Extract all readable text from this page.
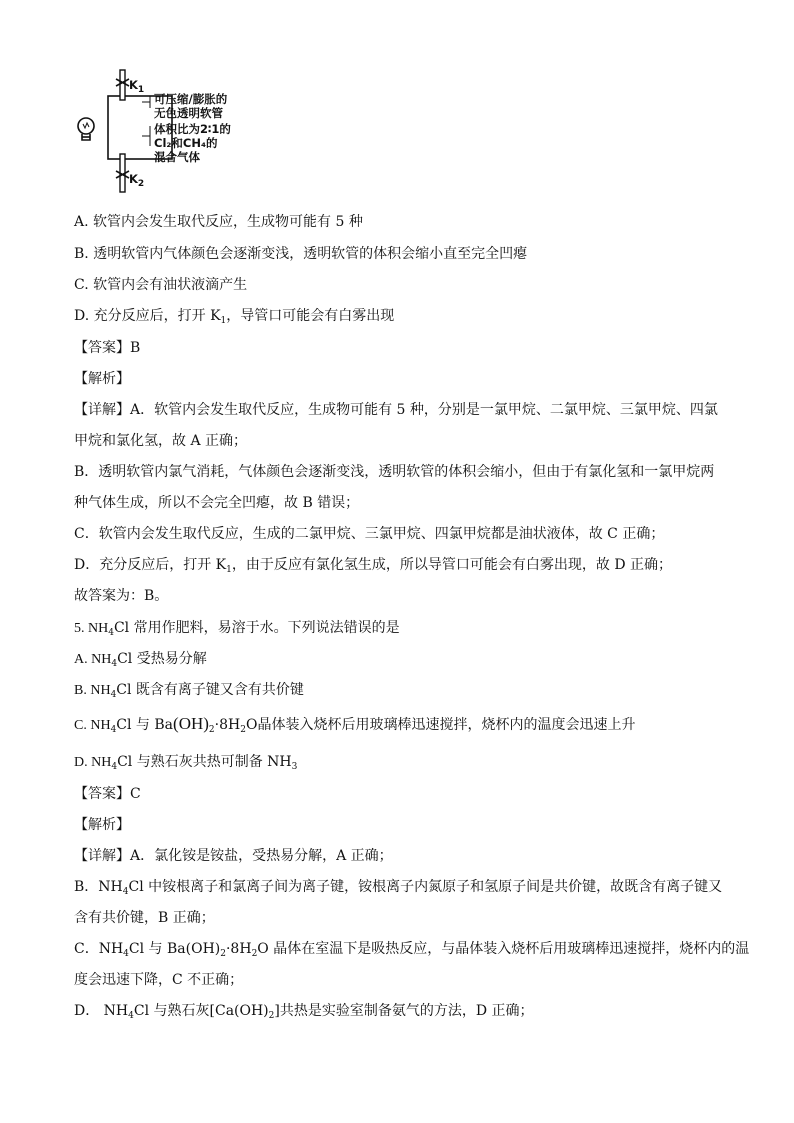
$K_1$
$K_2$
可压缩/膨胀的
无色透明软管
体积比为2∶1的
Cl₂和CH₄的
混合气体
A. 软管内会发生取代反应，生成物可能有 5 种
B. 透明软管内气体颜色会逐渐变浅，透明软管的体积会缩小直至完全凹瘪
C. 软管内会有油状液滴产生
D. 充分反应后，打开 $K_1$，导管口可能会有白雾出现
【答案】B
【解析】
【详解】A．软管内会发生取代反应，生成物可能有 5 种，分别是一氯甲烷、二氯甲烷、三氯甲烷、四氯
甲烷和氯化氢，故 A 正确；
B．透明软管内氯气消耗，气体颜色会逐渐变浅，透明软管的体积会缩小，但由于有氯化氢和一氯甲烷两
种气体生成，所以不会完全凹瘪，故 B 错误；
C．软管内会发生取代反应，生成的二氯甲烷、三氯甲烷、四氯甲烷都是油状液体，故 C 正确；
D．充分反应后，打开 $K_1$，由于反应有氯化氢生成，所以导管口可能会有白雾出现，故 D 正确；
故答案为：B。
5. $NH_4Cl$ 常用作肥料，易溶于水。下列说法错误的是
A. $NH_4Cl$ 受热易分解
B. $NH_4Cl$ 既含有离子键又含有共价键
C. $NH_4Cl$ 与 $Ba(OH)_2\cdot 8H_2O$晶体装入烧杯后用玻璃棒迅速搅拌，烧杯内的温度会迅速上升
D. $NH_4Cl$ 与熟石灰共热可制备 $NH_3$
【答案】C
【解析】
【详解】A．氯化铵是铵盐，受热易分解，A 正确；
B．$NH_4Cl$ 中铵根离子和氯离子间为离子键，铵根离子内氮原子和氢原子间是共价键，故既含有离子键又
含有共价键，B 正确；
C．$NH_4Cl$ 与 $Ba(OH)_2\cdot 8H_2O$ 晶体在室温下是吸热反应，与晶体装入烧杯后用玻璃棒迅速搅拌，烧杯内的温
度会迅速下降，C 不正确；
D． $NH_4Cl$ 与熟石灰$[Ca(OH)_2]$共热是实验室制备氨气的方法，D 正确；
